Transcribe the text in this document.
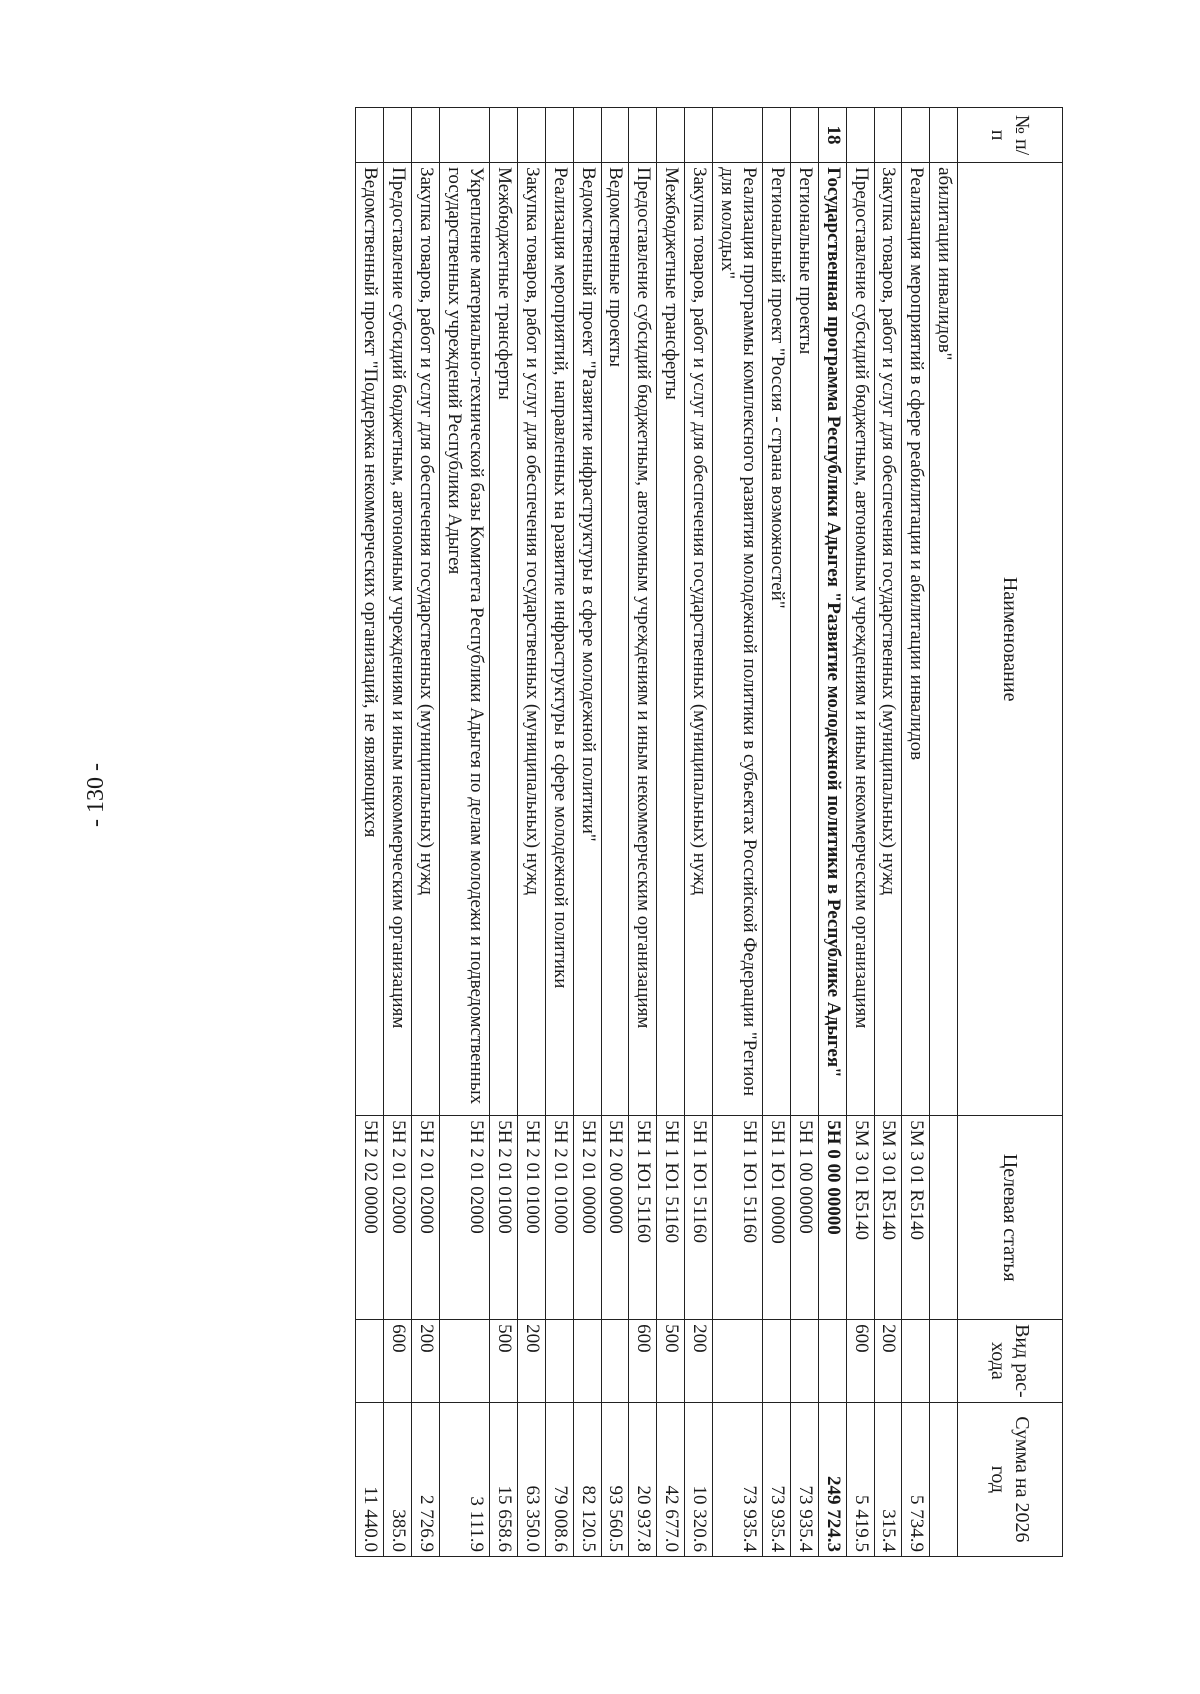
- 130 -
№ п/п	Наименование	Целевая статья	Вид рас- хода	Сумма на 2026 год
	абилитации инвалидов"			
	Реализация мероприятий в сфере реабилитации и абилитации инвалидов	5М 3 01 R5140		5 734.9
	Закупка товаров, работ и услуг для обеспечения государственных (муниципальных) нужд	5М 3 01 R5140	200	315.4
	Предоставление субсидий бюджетным, автономным учреждениям и иным некоммерческим организациям	5М 3 01 R5140	600	5 419.5
18	Государственная программа Республики Адыгея "Развитие молодежной политики в Республике Адыгея"	5Н 0 00 00000		249 724.3
	Региональные проекты	5Н 1 00 00000		73 935.4
	Региональный проект "Россия - страна возможностей"	5Н 1 Ю1 00000		73 935.4
	Реализация программы комплексного развития молодежной политики в субъектах Российской Федерации "Регион для молодых"	5Н 1 Ю1 51160		73 935.4
	Закупка товаров, работ и услуг для обеспечения государственных (муниципальных) нужд	5Н 1 Ю1 51160	200	10 320.6
	Межбюджетные трансферты	5Н 1 Ю1 51160	500	42 677.0
	Предоставление субсидий бюджетным, автономным учреждениям и иным некоммерческим организациям	5Н 1 Ю1 51160	600	20 937.8
	Ведомственные проекты	5Н 2 00 00000		93 560.5
	Ведомственный проект "Развитие инфраструктуры в сфере молодежной политики"	5Н 2 01 00000		82 120.5
	Реализация мероприятий, направленных на развитие инфраструктуры в сфере молодежной политики	5Н 2 01 01000		79 008.6
	Закупка товаров, работ и услуг для обеспечения государственных (муниципальных) нужд	5Н 2 01 01000	200	63 350.0
	Межбюджетные трансферты	5Н 2 01 01000	500	15 658.6
	Укрепление материально-технической базы Комитета Республики Адыгея по делам молодежи и подведомственных государственных учреждений Республики Адыгея	5Н 2 01 02000		3 111.9
	Закупка товаров, работ и услуг для обеспечения государственных (муниципальных) нужд	5Н 2 01 02000	200	2 726.9
	Предоставление субсидий бюджетным, автономным учреждениям и иным некоммерческим организациям	5Н 2 01 02000	600	385.0
	Ведомственный проект "Поддержка некоммерческих организаций, не являющихся	5Н 2 02 00000		11 440.0
